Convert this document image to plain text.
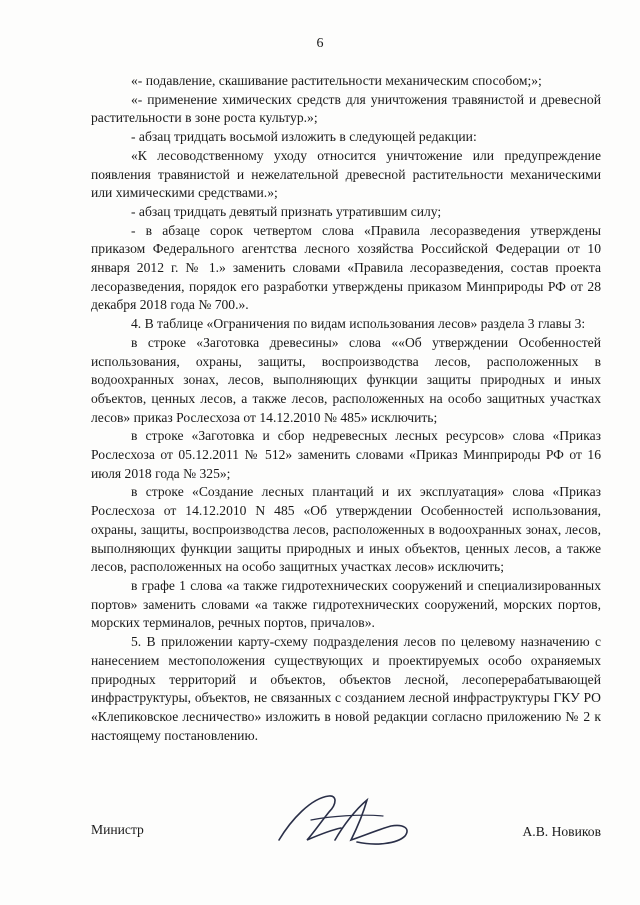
6

«- подавление, скашивание растительности механическим способом;»;

«- применение химических средств для уничтожения травянистой и древесной растительности в зоне роста культур.»;

- абзац тридцать восьмой изложить в следующей редакции:

«К лесоводственному уходу относится уничтожение или предупреждение появления травянистой и нежелательной древесной растительности механическими или химическими средствами.»;

- абзац тридцать девятый признать утратившим силу;

- в абзаце сорок четвертом слова «Правила лесоразведения утверждены приказом Федерального агентства лесного хозяйства Российской Федерации от 10 января 2012 г. № 1.» заменить словами «Правила лесоразведения, состав проекта лесоразведения, порядок его разработки утверждены приказом Минприроды РФ от 28 декабря 2018 года № 700.».

4. В таблице «Ограничения по видам использования лесов» раздела 3 главы 3:

в строке «Заготовка древесины» слова ««Об утверждении Особенностей использования, охраны, защиты, воспроизводства лесов, расположенных в водоохранных зонах, лесов, выполняющих функции защиты природных и иных объектов, ценных лесов, а также лесов, расположенных на особо защитных участках лесов» приказ Рослесхоза от 14.12.2010 № 485» исключить;

в строке «Заготовка и сбор недревесных лесных ресурсов» слова «Приказ Рослесхоза от 05.12.2011 № 512» заменить словами «Приказ Минприроды РФ от 16 июля 2018 года № 325»;

в строке «Создание лесных плантаций и их эксплуатация» слова «Приказ Рослесхоза от 14.12.2010 N 485 «Об утверждении Особенностей использования, охраны, защиты, воспроизводства лесов, расположенных в водоохранных зонах, лесов, выполняющих функции защиты природных и иных объектов, ценных лесов, а также лесов, расположенных на особо защитных участках лесов» исключить;

в графе 1 слова «а также гидротехнических сооружений и специализированных портов» заменить словами «а также гидротехнических сооружений, морских портов, морских терминалов, речных портов, причалов».

5. В приложении карту-схему подразделения лесов по целевому назначению с нанесением местоположения существующих и проектируемых особо охраняемых природных территорий и объектов, объектов лесной, лесоперерабатывающей инфраструктуры, объектов, не связанных с созданием лесной инфраструктуры ГКУ РО «Клепиковское лесничество» изложить в новой редакции согласно приложению № 2 к настоящему постановлению.

Министр	А.В. Новиков
